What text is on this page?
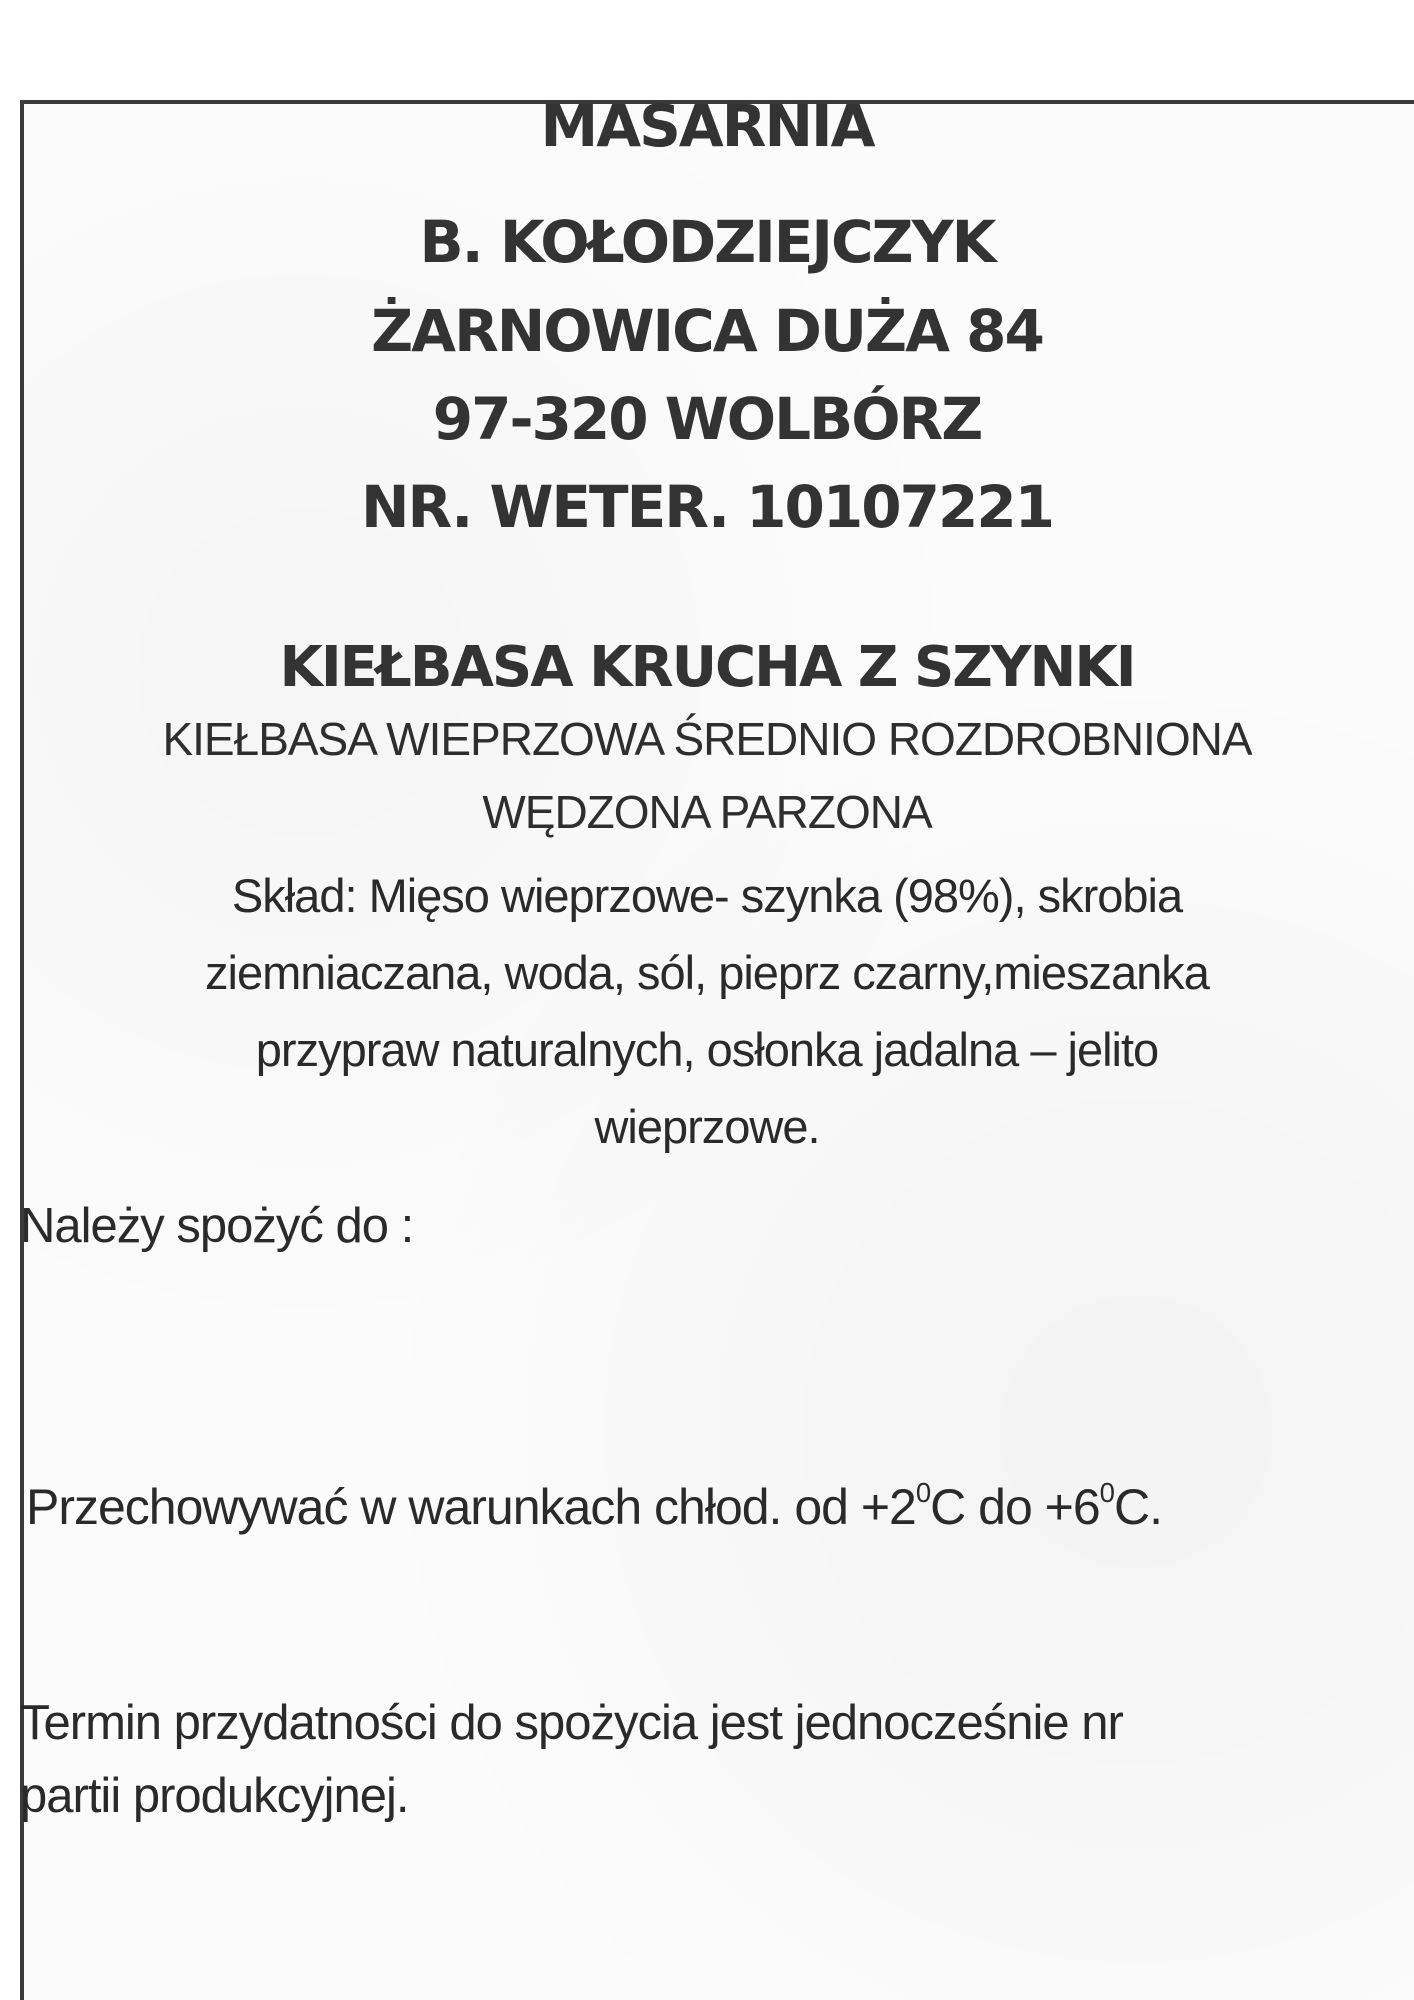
MASARNIA
B. KOŁODZIEJCZYK
ŻARNOWICA DUŻA 84
97-320 WOLBÓRZ
NR. WETER. 10107221
KIEŁBASA KRUCHA Z SZYNKI
KIEŁBASA WIEPRZOWA ŚREDNIO ROZDROBNIONA
WĘDZONA PARZONA
Skład: Mięso wieprzowe- szynka (98%), skrobia
ziemniaczana, woda, sól, pieprz czarny,mieszanka
przypraw naturalnych, osłonka jadalna – jelito
wieprzowe.
Należy spożyć do :
Przechowywać w warunkach chłod. od $+2^0C$ do $+6^0C$.
Termin przydatności do spożycia jest jednocześnie nr
partii produkcyjnej.
